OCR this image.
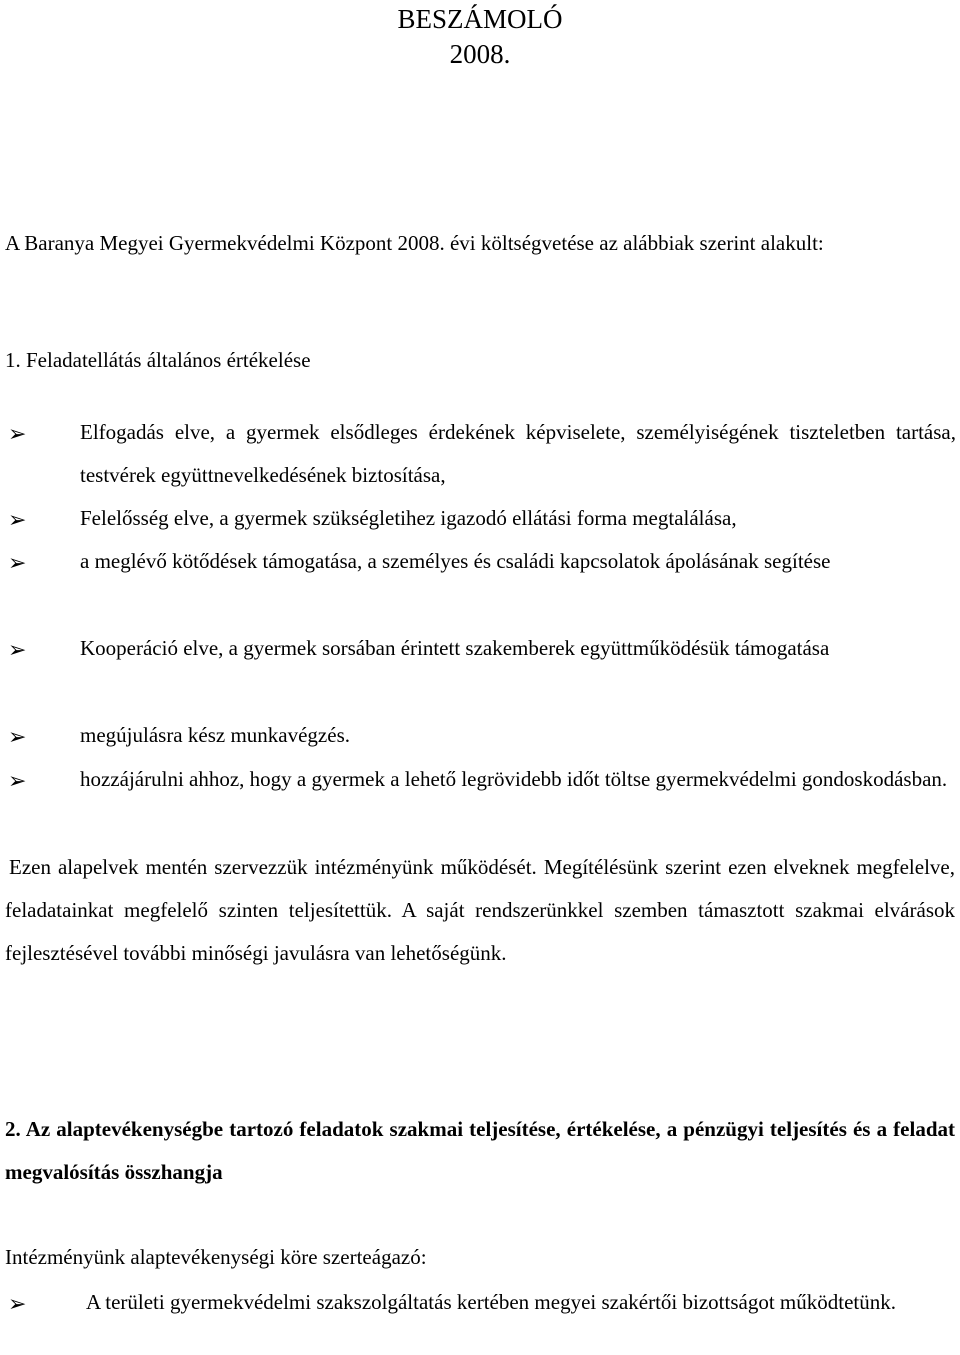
BESZÁMOLÓ
2008.

A Baranya Megyei Gyermekvédelmi Központ 2008. évi költségvetése az alábbiak szerint alakult:

1. Feladatellátás általános értékelése
➢	Elfogadás elve, a gyermek elsődleges érdekének képviselete, személyiségének tiszteletben tartása, testvérek együttnevelkedésének biztosítása,

➢	Felelősség elve, a gyermek szükségletihez igazodó ellátási forma megtalálása,

➢	a meglévő kötődések támogatása, a személyes és családi kapcsolatok ápolásának segítése

➢	Kooperáció elve, a gyermek sorsában érintett szakemberek együttműködésük támogatása

➢	megújulásra kész munkavégzés.

➢	hozzájárulni ahhoz, hogy a gyermek a lehető legrövidebb időt töltse gyermekvédelmi gondoskodásban.

Ezen alapelvek mentén szervezzük intézményünk működését. Megítélésünk szerint ezen elveknek megfelelve, feladatainkat megfelelő szinten teljesítettük. A saját rendszerünkkel szemben támasztott szakmai elvárások fejlesztésével további minőségi javulásra van lehetőségünk.

2. Az alaptevékenységbe tartozó feladatok szakmai teljesítése, értékelése, a pénzügyi teljesítés és a feladat megvalósítás összhangja

Intézményünk alaptevékenységi köre szerteágazó:
➢	A területi gyermekvédelmi szakszolgáltatás kertében megyei szakértői bizottságot működtetünk.
